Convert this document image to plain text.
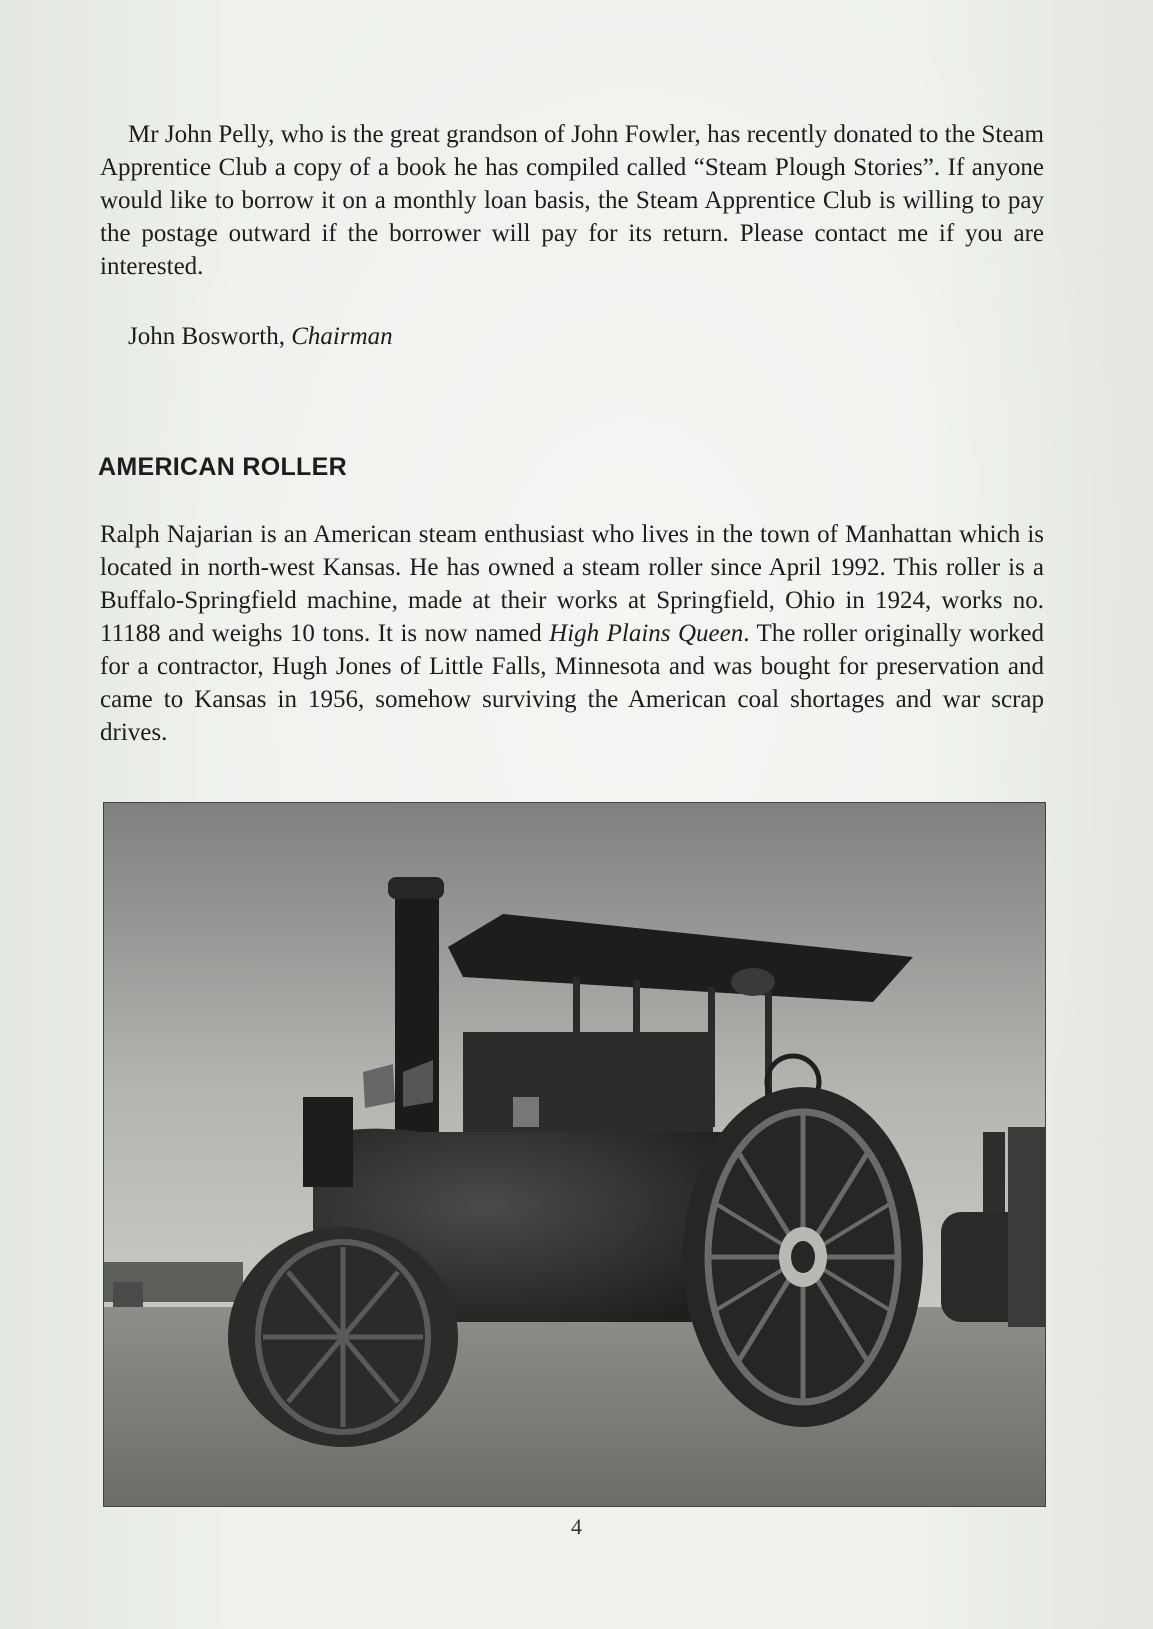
Mr John Pelly, who is the great grandson of John Fowler, has recently donated to the Steam Apprentice Club a copy of a book he has compiled called “Steam Plough Stories”. If anyone would like to borrow it on a monthly loan basis, the Steam Apprentice Club is willing to pay the postage outward if the borrower will pay for its return. Please contact me if you are interested.

John Bosworth, Chairman

AMERICAN ROLLER

Ralph Najarian is an American steam enthusiast who lives in the town of Manhattan which is located in north-west Kansas. He has owned a steam roller since April 1992. This roller is a Buffalo-Springfield machine, made at their works at Springfield, Ohio in 1924, works no. 11188 and weighs 10 tons. It is now named High Plains Queen. The roller originally worked for a contractor, Hugh Jones of Little Falls, Minnesota and was bought for preservation and came to Kansas in 1956, somehow surviving the American coal shortages and war scrap drives.

4
